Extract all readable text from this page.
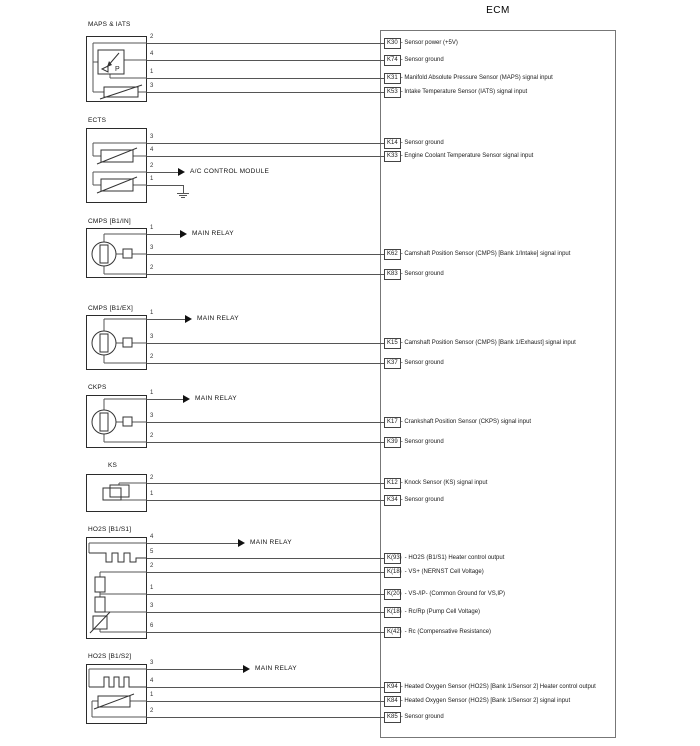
ECM
K30 - Sensor power (+5V)
K74 - Sensor ground
K31 - Manifold Absolute Pressure Sensor (MAPS) signal input
K53 - Intake Temperature Sensor (IATS) signal input
K14 - Sensor ground
K33 - Engine Coolant Temperature Sensor signal input
K62 - Camshaft Position Sensor (CMPS) [Bank 1/Intake] signal input
K83 - Sensor ground
K15 - Camshaft Position Sensor (CMPS) [Bank 1/Exhaust] signal input
K37 - Sensor ground
K17 - Crankshaft Position Sensor (CKPS) signal input
K39 - Sensor ground
K12 - Knock Sensor (KS) signal input
K34 - Sensor ground
K(93) - HO2S (B1/S1) Heater control output
K(18) - VS+ (NERNST Cell Voltage)
K(20) - VS-/IP- (Common Ground for VS,IP)
K(18) - Rc/Rp (Pump Cell Voltage)
K(42) - Rc (Compensative Resistance)
K94 - Heated Oxygen Sensor (HO2S) [Bank 1/Sensor 2] Heater control output
K84 - Heated Oxygen Sensor (HO2S) [Bank 1/Sensor 2] signal input
K85 - Sensor ground
MAPS & IATS
P
2
4
1
3
ECTS
3
4
2
1
A/C CONTROL MODULE
CMPS [B1/IN]
1
3
2
MAIN RELAY
CMPS [B1/EX]
1
3
2
MAIN RELAY
CKPS
1
3
2
MAIN RELAY
KS
2
1
HO2S [B1/S1]
4
5
2
1
3
6
MAIN RELAY
HO2S [B1/S2]
3
4
1
2
MAIN RELAY
